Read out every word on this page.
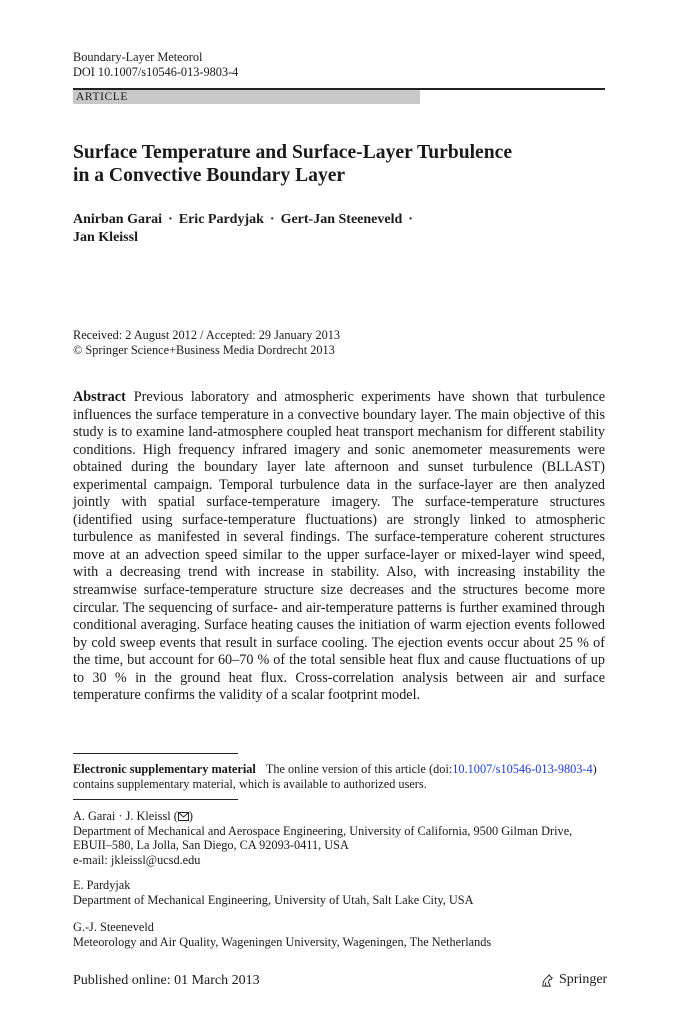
Boundary-Layer Meteorol
DOI 10.1007/s10546-013-9803-4
ARTICLE
Surface Temperature and Surface-Layer Turbulence
in a Convective Boundary Layer
Anirban Garai · Eric Pardyjak · Gert-Jan Steeneveld ·
Jan Kleissl
Received: 2 August 2012 / Accepted: 29 January 2013
© Springer Science+Business Media Dordrecht 2013
Abstract Previous laboratory and atmospheric experiments have shown that turbulence influences the surface temperature in a convective boundary layer. The main objective of this study is to examine land-atmosphere coupled heat transport mechanism for different stability conditions. High frequency infrared imagery and sonic anemometer measurements were obtained during the boundary layer late afternoon and sunset turbulence (BLLAST) experimental campaign. Temporal turbulence data in the surface-layer are then analyzed jointly with spatial surface-temperature imagery. The surface-temperature structures (identified using surface-temperature fluctuations) are strongly linked to atmospheric turbulence as manifested in several findings. The surface-temperature coherent structures move at an advection speed similar to the upper surface-layer or mixed-layer wind speed, with a decreasing trend with increase in stability. Also, with increasing instability the streamwise surface-temperature structure size decreases and the structures become more circular. The sequencing of surface- and air-temperature patterns is further examined through conditional averaging. Surface heating causes the initiation of warm ejection events followed by cold sweep events that result in surface cooling. The ejection events occur about 25 % of the time, but account for 60–70 % of the total sensible heat flux and cause fluctuations of up to 30 % in the ground heat flux. Cross-correlation analysis between air and surface temperature confirms the validity of a scalar footprint model.
Electronic supplementary material The online version of this article (doi:10.1007/s10546-013-9803-4)
contains supplementary material, which is available to authorized users.
A. Garai · J. Kleissl ( )
Department of Mechanical and Aerospace Engineering, University of California, 9500 Gilman Drive,
EBUII–580, La Jolla, San Diego, CA 92093-0411, USA
e-mail: jkleissl@ucsd.edu
E. Pardyjak
Department of Mechanical Engineering, University of Utah, Salt Lake City, USA
G.-J. Steeneveld
Meteorology and Air Quality, Wageningen University, Wageningen, The Netherlands
Published online: 01 March 2013	Springer
